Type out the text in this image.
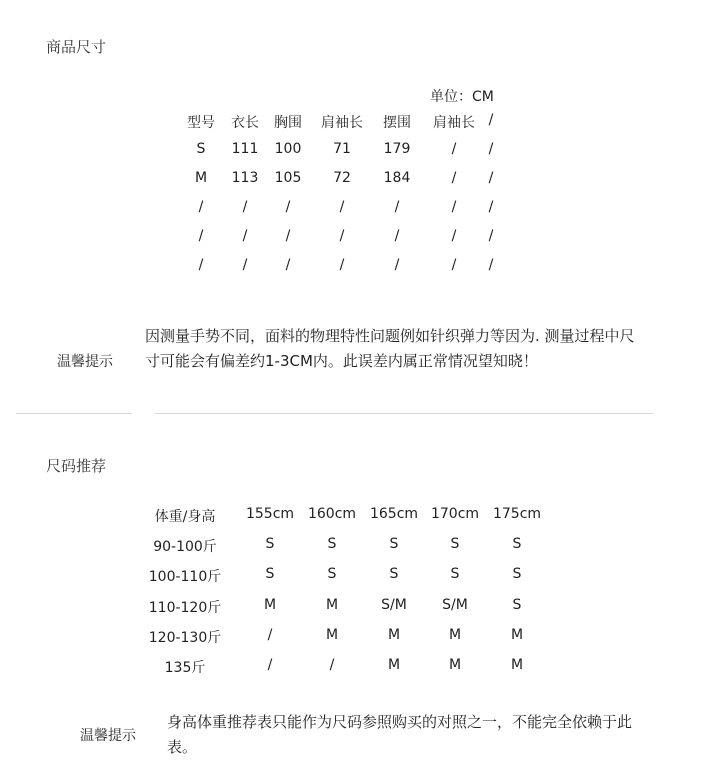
商品尺寸
单位：CM
型号 衣长 胸围 肩袖长 摆围 肩袖长 /
S 111 100 71 179	/ /
M 113 105 72 184	/ /
/	/	/	/	/	/ /
/	/	/	/	/	/ /
/	/	/	/	/	/ /
温馨提示
因测量手势不同，面料的物理特性问题例如针织弹力等因为. 测量过程中尺寸可能会有偏差约1-3CM内。此误差内属正常情况望知晓！
尺码推荐
体重/身高 155cm 160cm 165cm 170cm 175cm
90-100斤	S	S	S	S	S
100-110斤	S	S	S	S	S
110-120斤	M	M	S/M	S/M	S
120-130斤	/	M	M	M	M
135斤	/	/	M	M	M
温馨提示
身高体重推荐表只能作为尺码参照购买的对照之一，不能完全依赖于此表。
